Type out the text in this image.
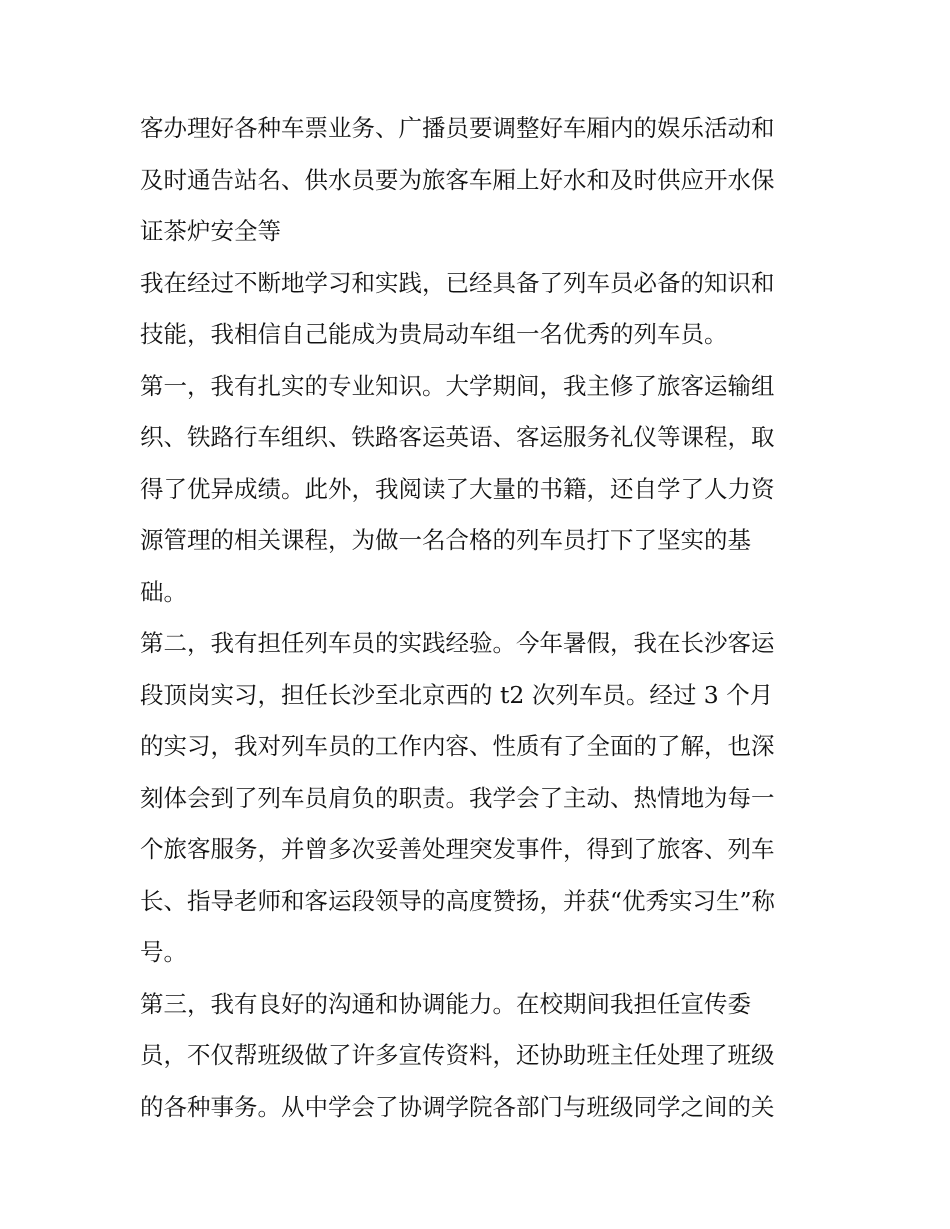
客办理好各种车票业务、广播员要调整好车厢内的娱乐活动和
及时通告站名、供水员要为旅客车厢上好水和及时供应开水保
证茶炉安全等
我在经过不断地学习和实践，已经具备了列车员必备的知识和
技能，我相信自己能成为贵局动车组一名优秀的列车员。
第一，我有扎实的专业知识。大学期间，我主修了旅客运输组
织、铁路行车组织、铁路客运英语、客运服务礼仪等课程，取
得了优异成绩。此外，我阅读了大量的书籍，还自学了人力资
源管理的相关课程，为做一名合格的列车员打下了坚实的基
础。
第二，我有担任列车员的实践经验。今年暑假，我在长沙客运
段顶岗实习，担任长沙至北京西的 t2 次列车员。经过 3 个月
的实习，我对列车员的工作内容、性质有了全面的了解，也深
刻体会到了列车员肩负的职责。我学会了主动、热情地为每一
个旅客服务，并曾多次妥善处理突发事件，得到了旅客、列车
长、指导老师和客运段领导的高度赞扬，并获“优秀实习生”称
号。
第三，我有良好的沟通和协调能力。在校期间我担任宣传委
员，不仅帮班级做了许多宣传资料，还协助班主任处理了班级
的各种事务。从中学会了协调学院各部门与班级同学之间的关
